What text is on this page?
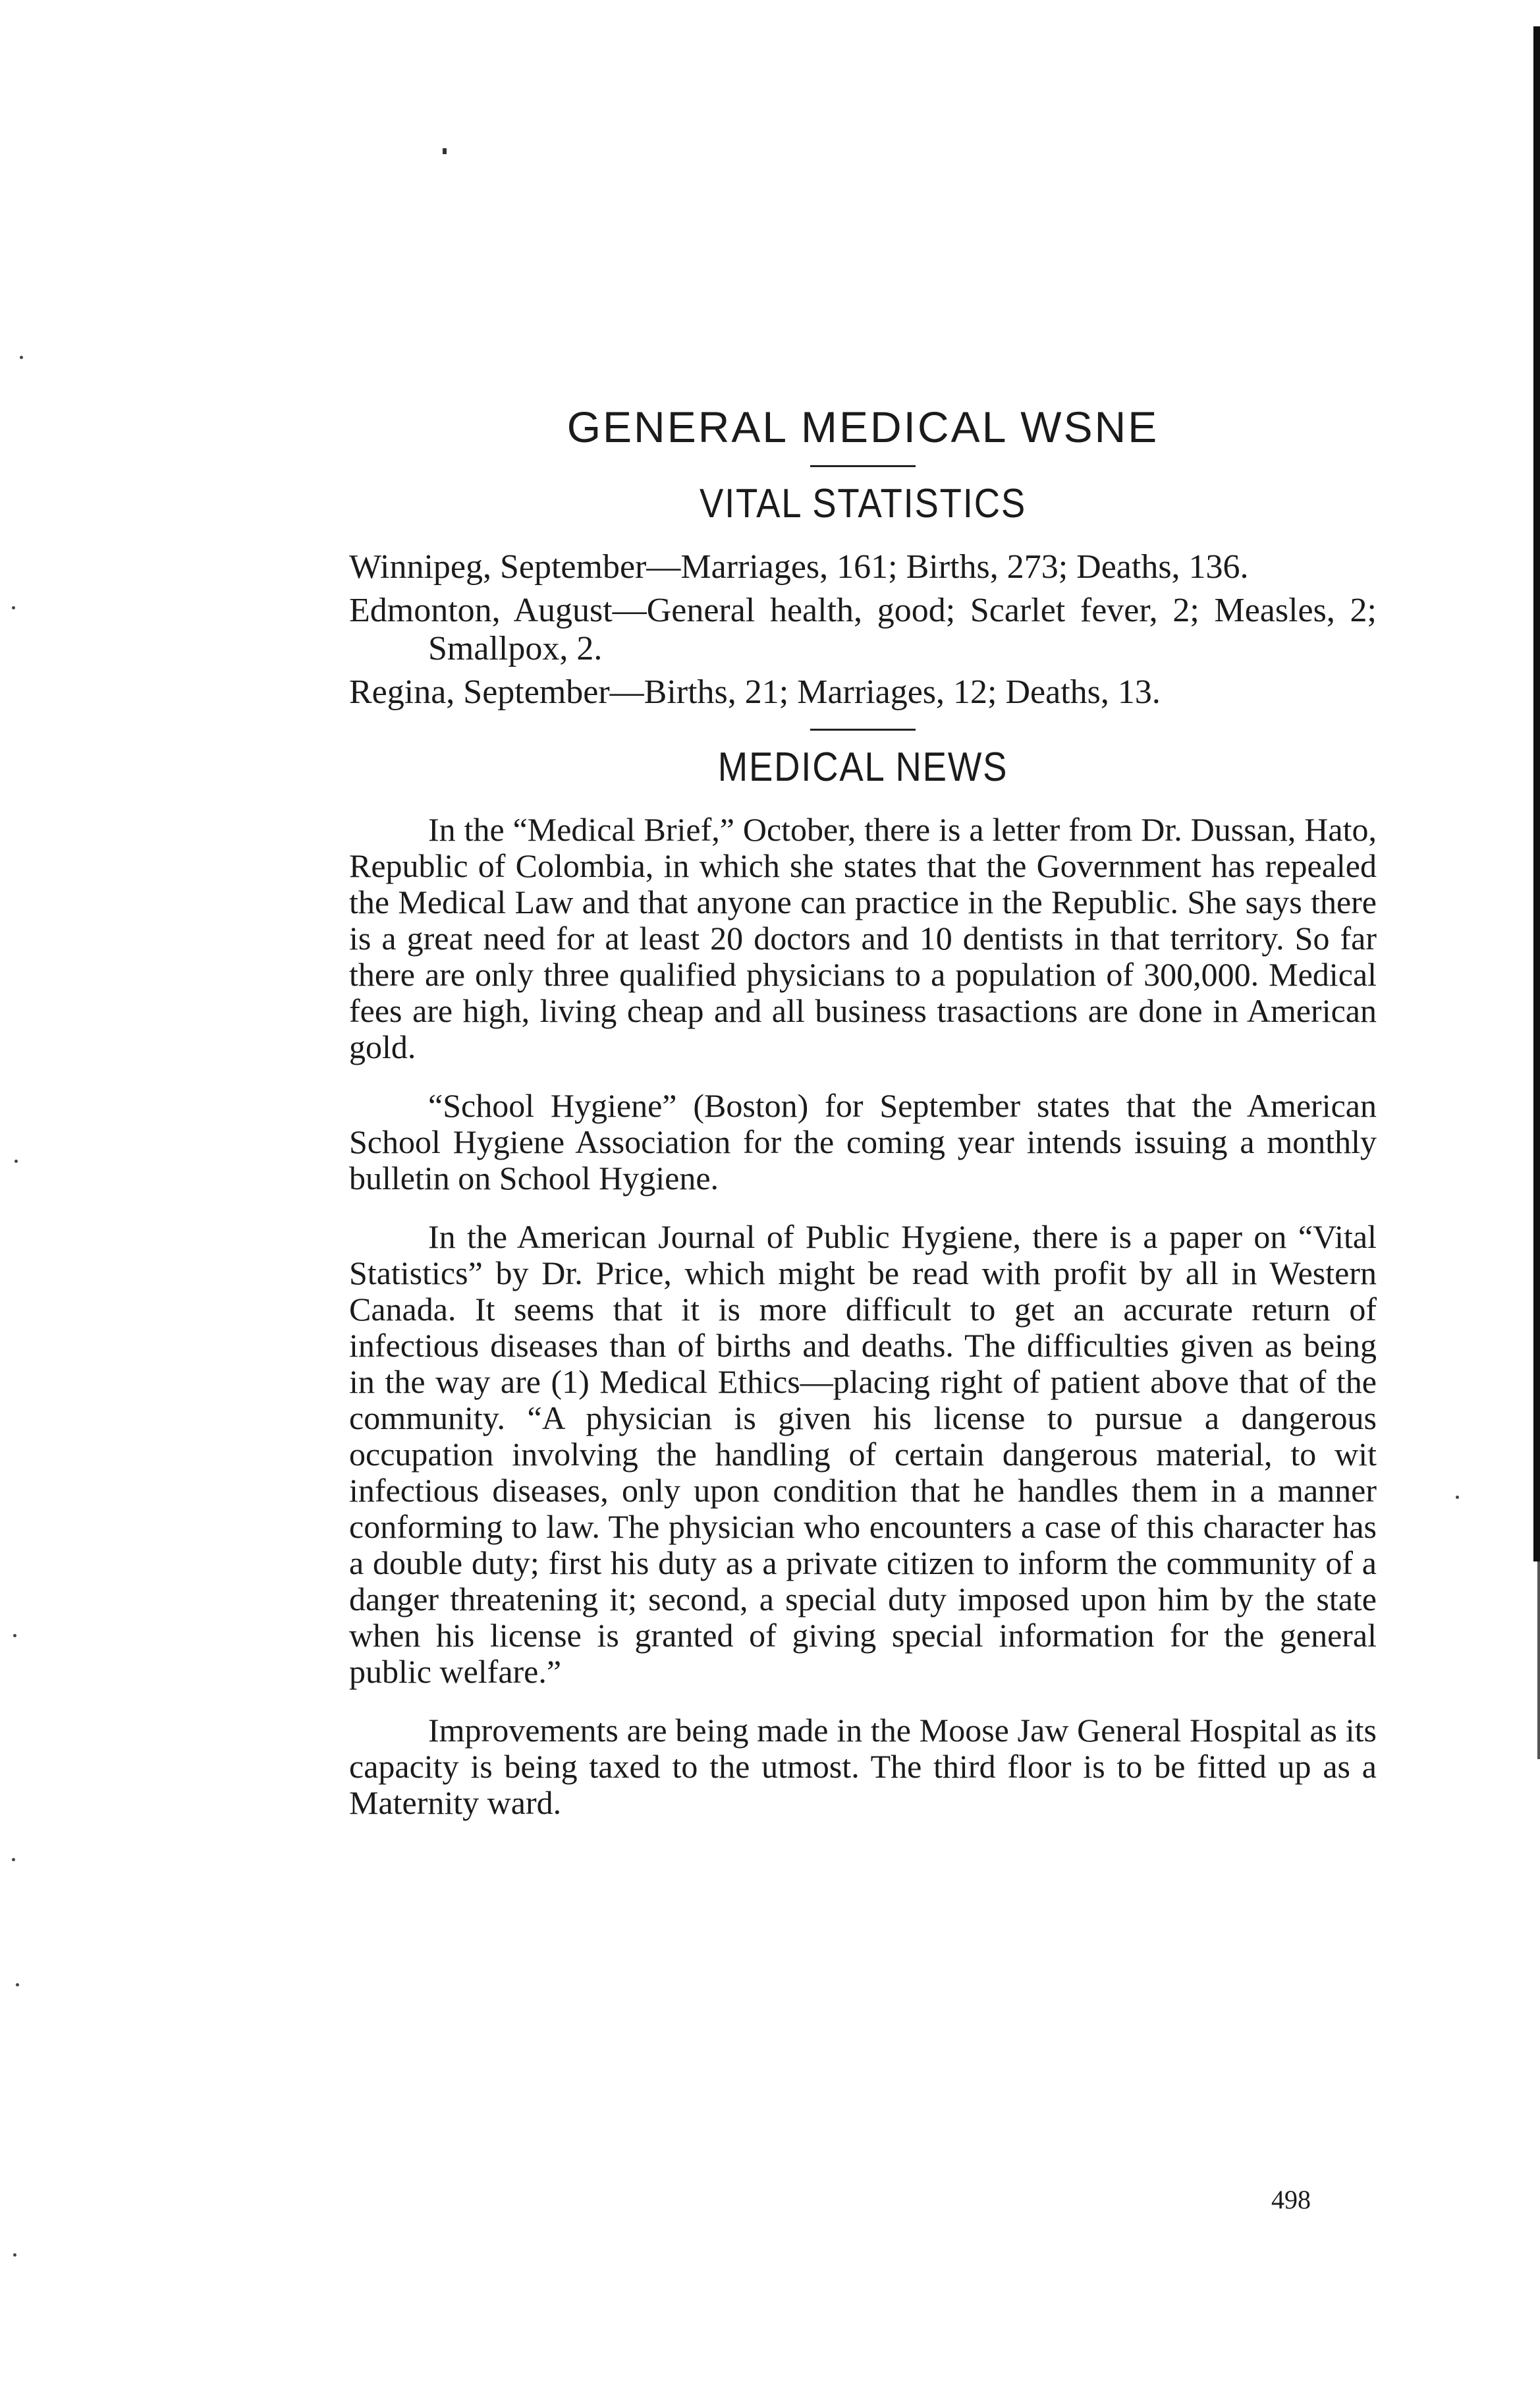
GENERAL MEDICAL WSNE
VITAL STATISTICS
Winnipeg, September—Marriages, 161; Births, 273; Deaths, 136.
Edmonton, August—General health, good; Scarlet fever, 2; Measles, 2; Smallpox, 2.
Regina, September—Births, 21; Marriages, 12; Deaths, 13.
MEDICAL NEWS

In the “Medical Brief,” October, there is a letter from Dr. Dussan, Hato, Republic of Colombia, in which she states that the Government has repealed the Medical Law and that anyone can practice in the Republic. She says there is a great need for at least 20 doctors and 10 dentists in that territory. So far there are only three qualified physicians to a population of 300,000. Medical fees are high, living cheap and all business trasactions are done in American gold.

“School Hygiene” (Boston) for September states that the American School Hygiene Association for the coming year intends issuing a monthly bulletin on School Hygiene.

In the American Journal of Public Hygiene, there is a paper on “Vital Statistics” by Dr. Price, which might be read with profit by all in Western Canada. It seems that it is more difficult to get an accurate return of infectious diseases than of births and deaths. The difficulties given as being in the way are (1) Medical Ethics—placing right of patient above that of the community. “A physician is given his license to pursue a dangerous occupation involving the handling of certain dangerous material, to wit infectious diseases, only upon condition that he handles them in a manner conforming to law. The physician who encounters a case of this character has a double duty; first his duty as a private citizen to inform the community of a danger threatening it; second, a special duty imposed upon him by the state when his license is granted of giving special information for the general public welfare.”

Improvements are being made in the Moose Jaw General Hospital as its capacity is being taxed to the utmost. The third floor is to be fitted up as a Maternity ward.

498
